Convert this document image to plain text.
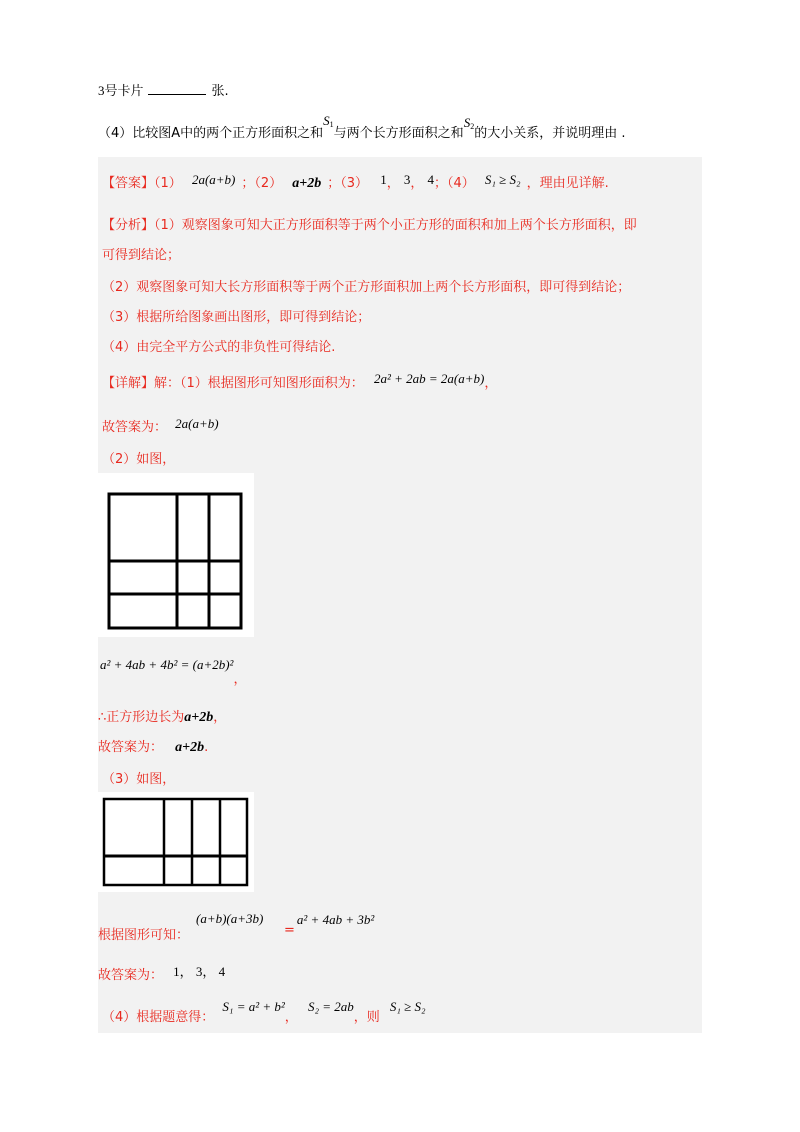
3号卡片	张.
（4）比较图A中的两个正方形面积之和$S_1$与两个长方形面积之和$S_2$的大小关系，并说明理由 .
【答案】（1） 2a(a+b) ；（2） a+2b ；（3） 1， 3， 4；（4） S₁ ≥ S₂ ，理由见详解.
【分析】（1）观察图象可知大正方形面积等于两个小正方形的面积和加上两个长方形面积，即
可得到结论；
（2）观察图象可知大长方形面积等于两个正方形面积加上两个长方形面积，即可得到结论；
（3）根据所给图象画出图形，即可得到结论；
（4）由完全平方公式的非负性可得结论.
【详解】解：（1）根据图形可知图形面积为： 2a² + 2ab = 2a(a+b)，
故答案为： 2a(a+b)
（2）如图，
a² + 4ab + 4b² = (a+2b)²，
∴正方形边长为a+2b，
故答案为： a+2b.
（3）如图，
(a+b)(a+3b)
根据图形可知：	=a² + 4ab + 3b²
故答案为： 1， 3， 4
（4）根据题意得： S₁ = a² + b²， S₂ = 2ab，则 S₁ ≥ S₂
